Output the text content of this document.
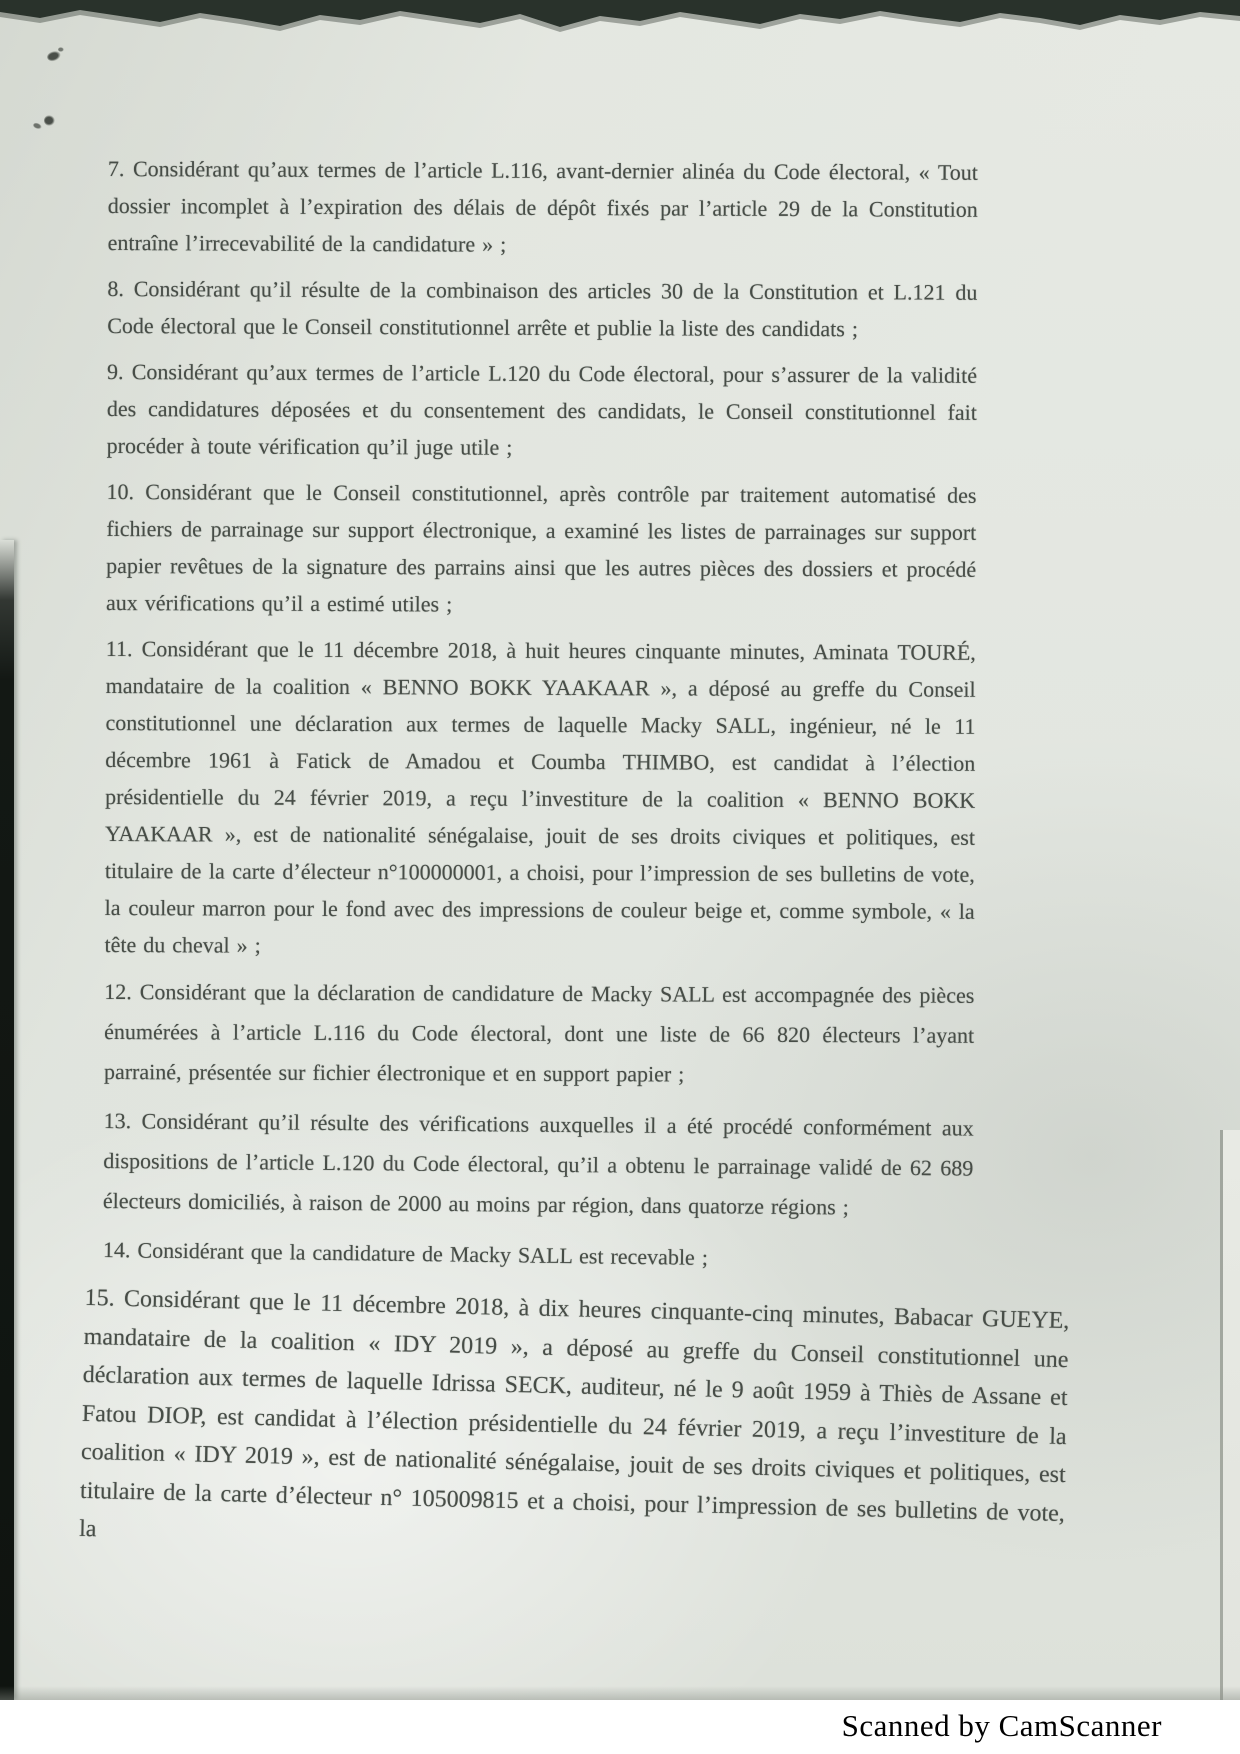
7. Considérant qu’aux termes de l’article L.116, avant-dernier alinéa du Code électoral, « Tout dossier incomplet à l’expiration des délais de dépôt fixés par l’article 29 de la Constitution entraîne l’irrecevabilité de la candidature » ;

8. Considérant qu’il résulte de la combinaison des articles 30 de la Constitution et L.121 du Code électoral que le Conseil constitutionnel arrête et publie la liste des candidats ;

9. Considérant qu’aux termes de l’article L.120 du Code électoral, pour s’assurer de la validité des candidatures déposées et du consentement des candidats, le Conseil constitutionnel fait procéder à toute vérification qu’il juge utile ;

10. Considérant que le Conseil constitutionnel, après contrôle par traitement automatisé des fichiers de parrainage sur support électronique, a examiné les listes de parrainages sur support papier revêtues de la signature des parrains ainsi que les autres pièces des dossiers et procédé aux vérifications qu’il a estimé utiles ;

11. Considérant que le 11 décembre 2018, à huit heures cinquante minutes, Aminata TOURÉ, mandataire de la coalition « BENNO BOKK YAAKAAR », a déposé au greffe du Conseil constitutionnel une déclaration aux termes de laquelle Macky SALL, ingénieur, né le 11 décembre 1961 à Fatick de Amadou et Coumba THIMBO, est candidat à l’élection présidentielle du 24 février 2019, a reçu l’investiture de la coalition « BENNO BOKK YAAKAAR », est de nationalité sénégalaise, jouit de ses droits civiques et politiques, est titulaire de la carte d’électeur n°100000001, a choisi, pour l’impression de ses bulletins de vote, la couleur marron pour le fond avec des impressions de couleur beige et, comme symbole, « la tête du cheval » ;

12. Considérant que la déclaration de candidature de Macky SALL est accompagnée des pièces énumérées à l’article L.116 du Code électoral, dont une liste de 66 820 électeurs l’ayant parrainé, présentée sur fichier électronique et en support papier ;

13. Considérant qu’il résulte des vérifications auxquelles il a été procédé conformément aux dispositions de l’article L.120 du Code électoral, qu’il a obtenu le parrainage validé de 62 689 électeurs domiciliés, à raison de 2000 au moins par région, dans quatorze régions ;

14. Considérant que la candidature de Macky SALL est recevable ;

15. Considérant que le 11 décembre 2018, à dix heures cinquante-cinq minutes, Babacar GUEYE, mandataire de la coalition « IDY 2019 », a déposé au greffe du Conseil constitutionnel une déclaration aux termes de laquelle Idrissa SECK, auditeur, né le 9 août 1959 à Thiès de Assane et Fatou DIOP, est candidat à l’élection présidentielle du 24 février 2019, a reçu l’investiture de la coalition « IDY 2019 », est de nationalité sénégalaise, jouit de ses droits civiques et politiques, est titulaire de la carte d’électeur n° 105009815 et a choisi, pour l’impression de ses bulletins de vote, la

Scanned by CamScanner
